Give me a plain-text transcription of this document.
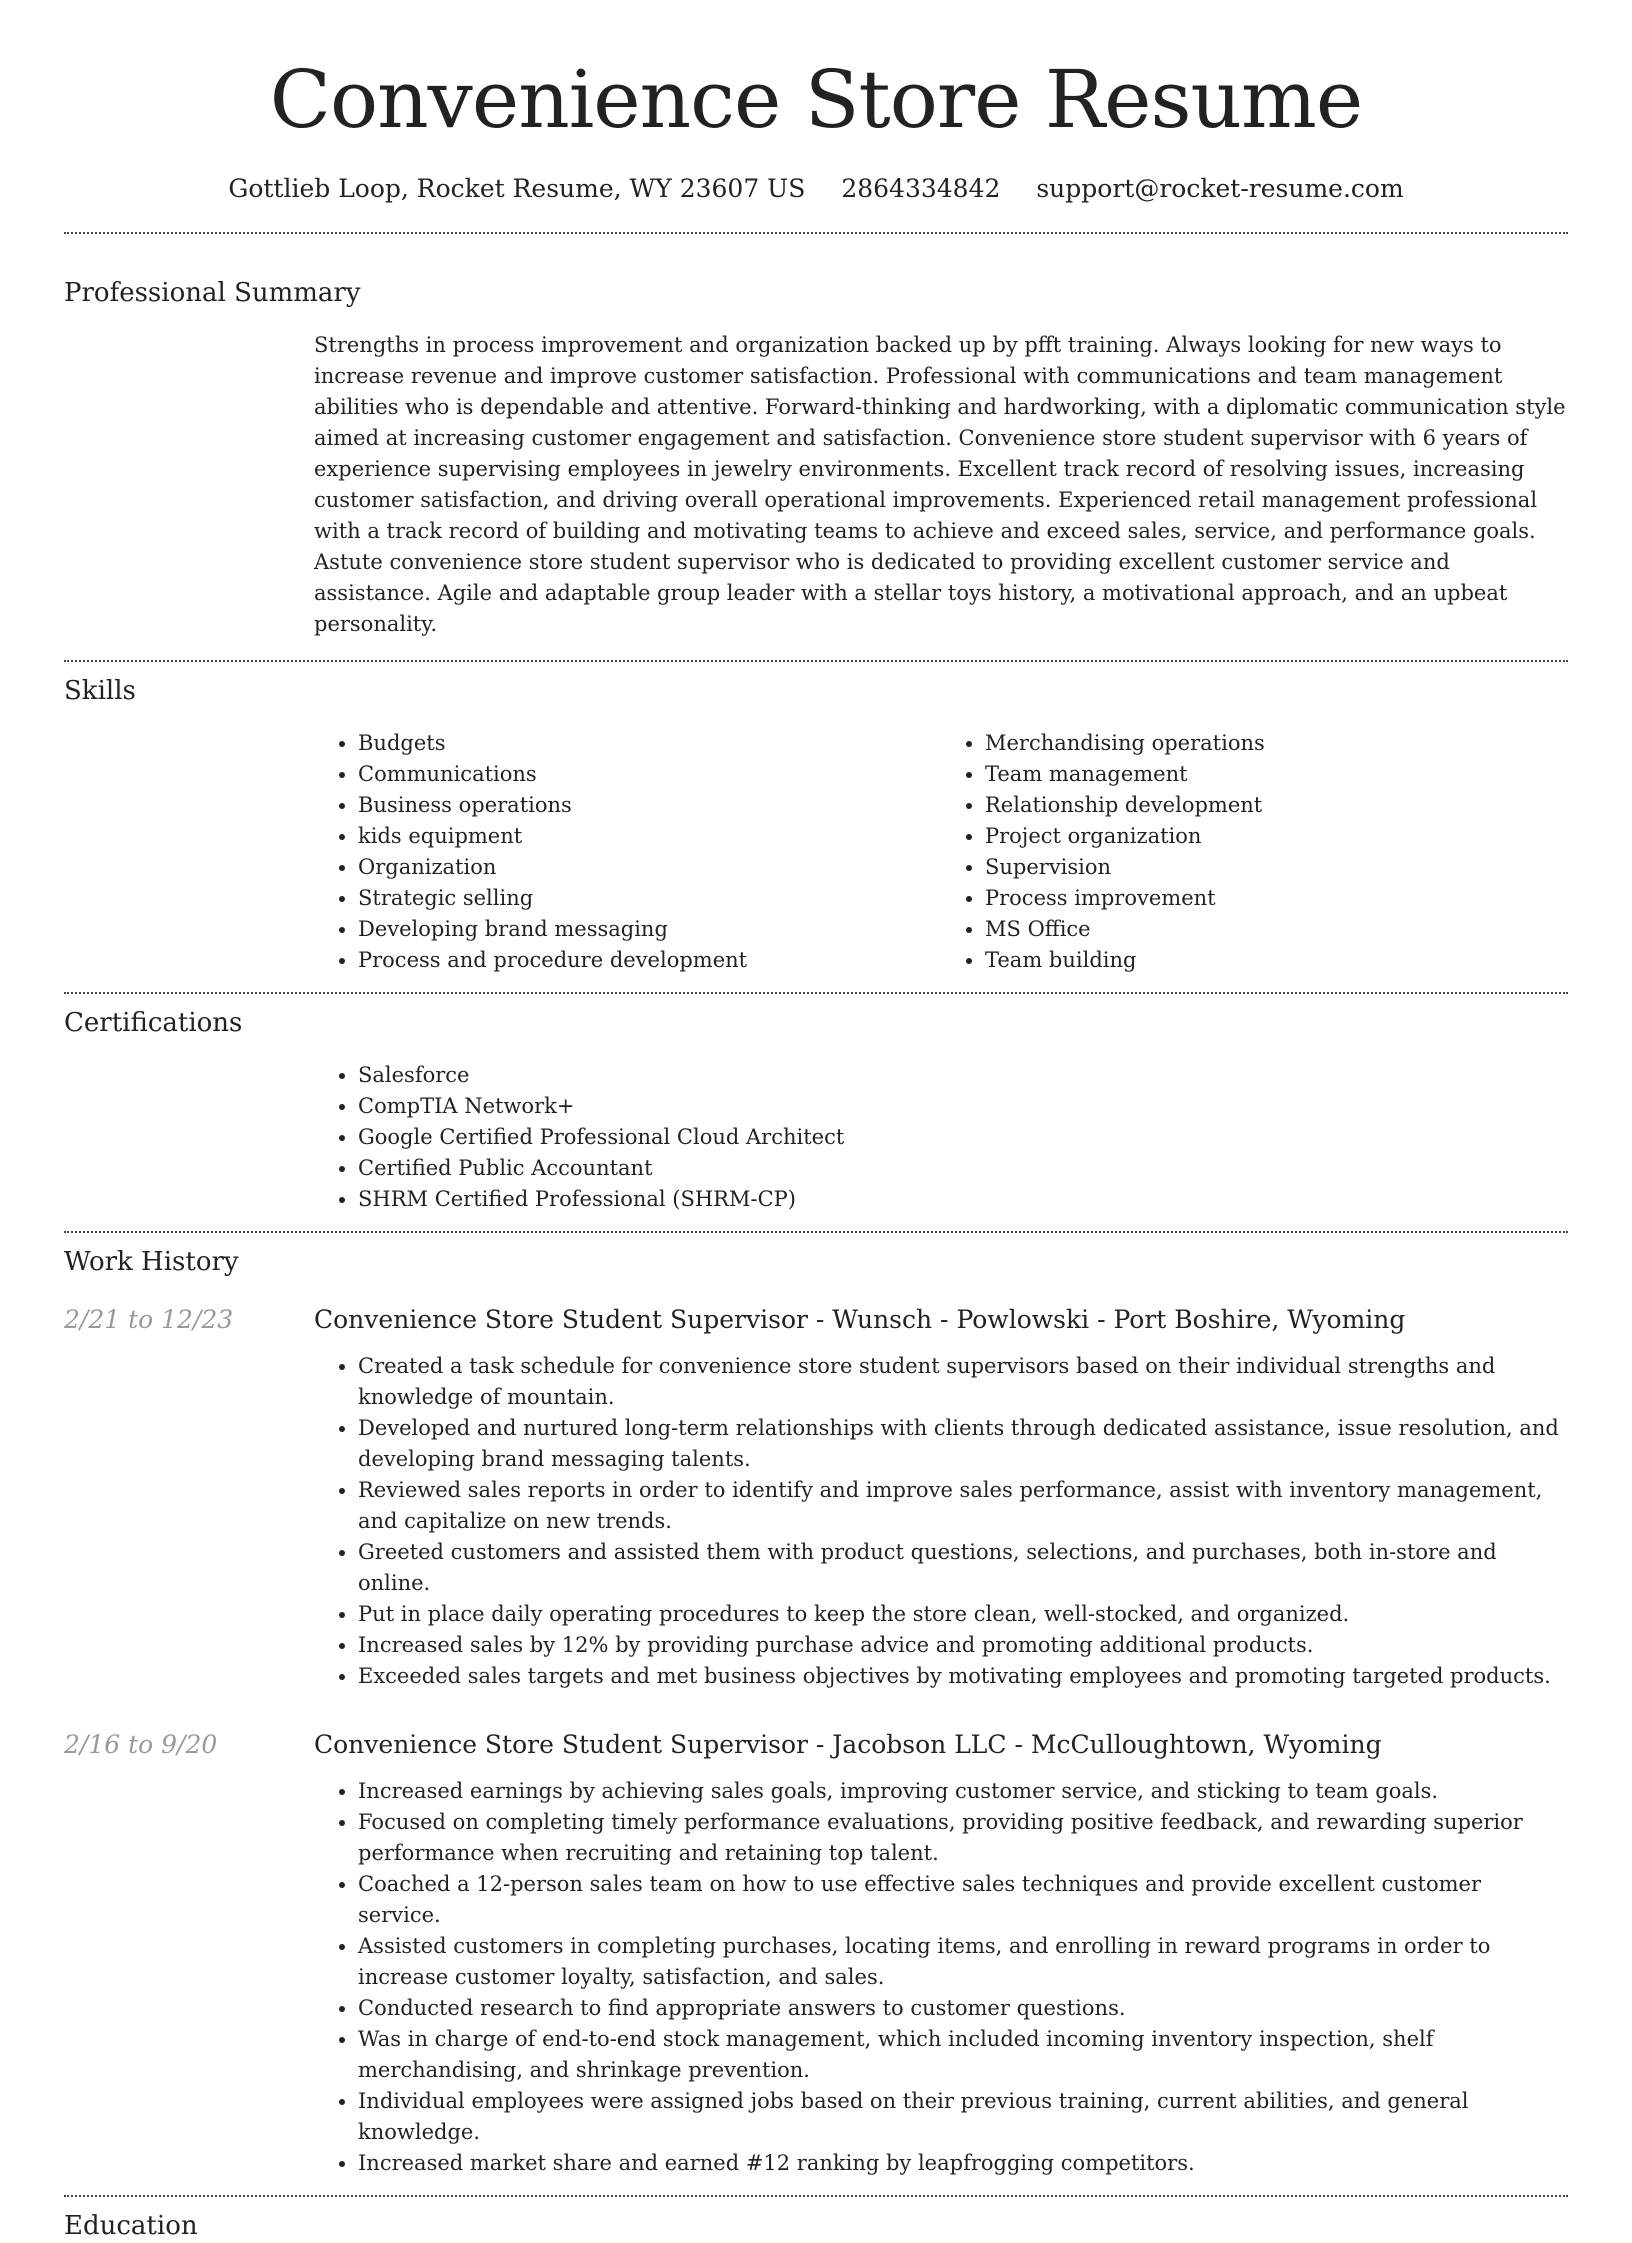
Convenience Store Resume
Gottlieb Loop, Rocket Resume, WY 23607 US 2864334842 support@rocket-resume.com
Professional Summary

Strengths in process improvement and organization backed up by pfft training. Always looking for new ways to increase revenue and improve customer satisfaction. Professional with communications and team management abilities who is dependable and attentive. Forward-thinking and hardworking, with a diplomatic communication style aimed at increasing customer engagement and satisfaction. Convenience store student supervisor with 6 years of experience supervising employees in jewelry environments. Excellent track record of resolving issues, increasing customer satisfaction, and driving overall operational improvements. Experienced retail management professional with a track record of building and motivating teams to achieve and exceed sales, service, and performance goals. Astute convenience store student supervisor who is dedicated to providing excellent customer service and assistance. Agile and adaptable group leader with a stellar toys history, a motivational approach, and an upbeat personality.

Skills
• Budgets
• Communications
• Business operations
• kids equipment
• Organization
• Strategic selling
• Developing brand messaging
• Process and procedure development
• Merchandising operations
• Team management
• Relationship development
• Project organization
• Supervision
• Process improvement
• MS Office
• Team building
Certifications
• Salesforce
• CompTIA Network+
• Google Certified Professional Cloud Architect
• Certified Public Accountant
• SHRM Certified Professional (SHRM-CP)
Work History
2/21 to 12/23	Convenience Store Student Supervisor - Wunsch - Powlowski - Port Boshire, Wyoming
• Created a task schedule for convenience store student supervisors based on their individual strengths and knowledge of mountain.
• Developed and nurtured long-term relationships with clients through dedicated assistance, issue resolution, and developing brand messaging talents.
• Reviewed sales reports in order to identify and improve sales performance, assist with inventory management, and capitalize on new trends.
• Greeted customers and assisted them with product questions, selections, and purchases, both in-store and online.
• Put in place daily operating procedures to keep the store clean, well-stocked, and organized.
• Increased sales by 12% by providing purchase advice and promoting additional products.
• Exceeded sales targets and met business objectives by motivating employees and promoting targeted products.
2/16 to 9/20	Convenience Store Student Supervisor - Jacobson LLC - McCulloughtown, Wyoming
• Increased earnings by achieving sales goals, improving customer service, and sticking to team goals.
• Focused on completing timely performance evaluations, providing positive feedback, and rewarding superior performance when recruiting and retaining top talent.
• Coached a 12-person sales team on how to use effective sales techniques and provide excellent customer service.
• Assisted customers in completing purchases, locating items, and enrolling in reward programs in order to increase customer loyalty, satisfaction, and sales.
• Conducted research to find appropriate answers to customer questions.
• Was in charge of end-to-end stock management, which included incoming inventory inspection, shelf merchandising, and shrinkage prevention.
• Individual employees were assigned jobs based on their previous training, current abilities, and general knowledge.
• Increased market share and earned #12 ranking by leapfrogging competitors.
Education
